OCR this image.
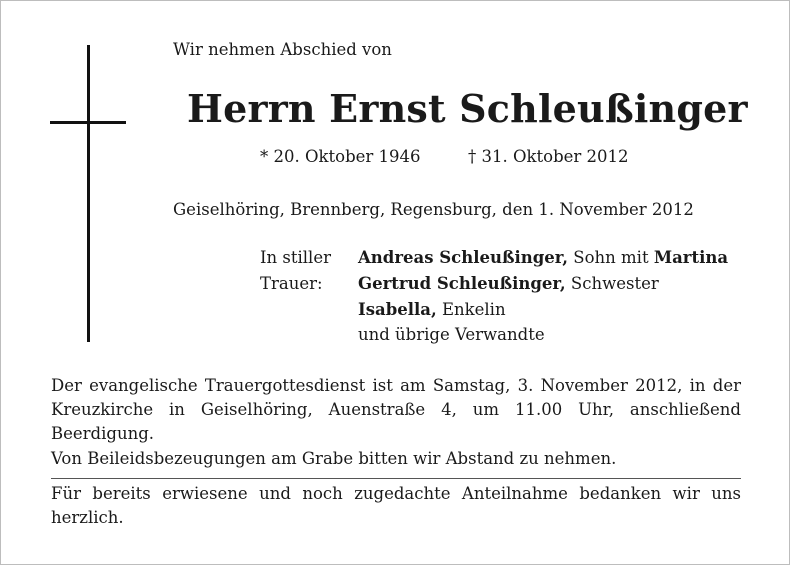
Wir nehmen Abschied von
Herrn Ernst Schleußinger
* 20. Oktober 1946	† 31. Oktober 2012
Geiselhöring, Brennberg, Regensburg, den 1. November 2012
In stiller
Trauer:
Andreas Schleußinger, Sohn mit Martina
Gertrud Schleußinger, Schwester
Isabella, Enkelin
und übrige Verwandte
Der evangelische Trauergottesdienst ist am Samstag, 3. November 2012, in der Kreuzkirche in Geiselhöring, Auenstraße 4, um 11.00 Uhr, anschließend Beerdigung.
Von Beileidsbezeugungen am Grabe bitten wir Abstand zu nehmen.
Für bereits erwiesene und noch zugedachte Anteilnahme bedanken wir uns herzlich.
